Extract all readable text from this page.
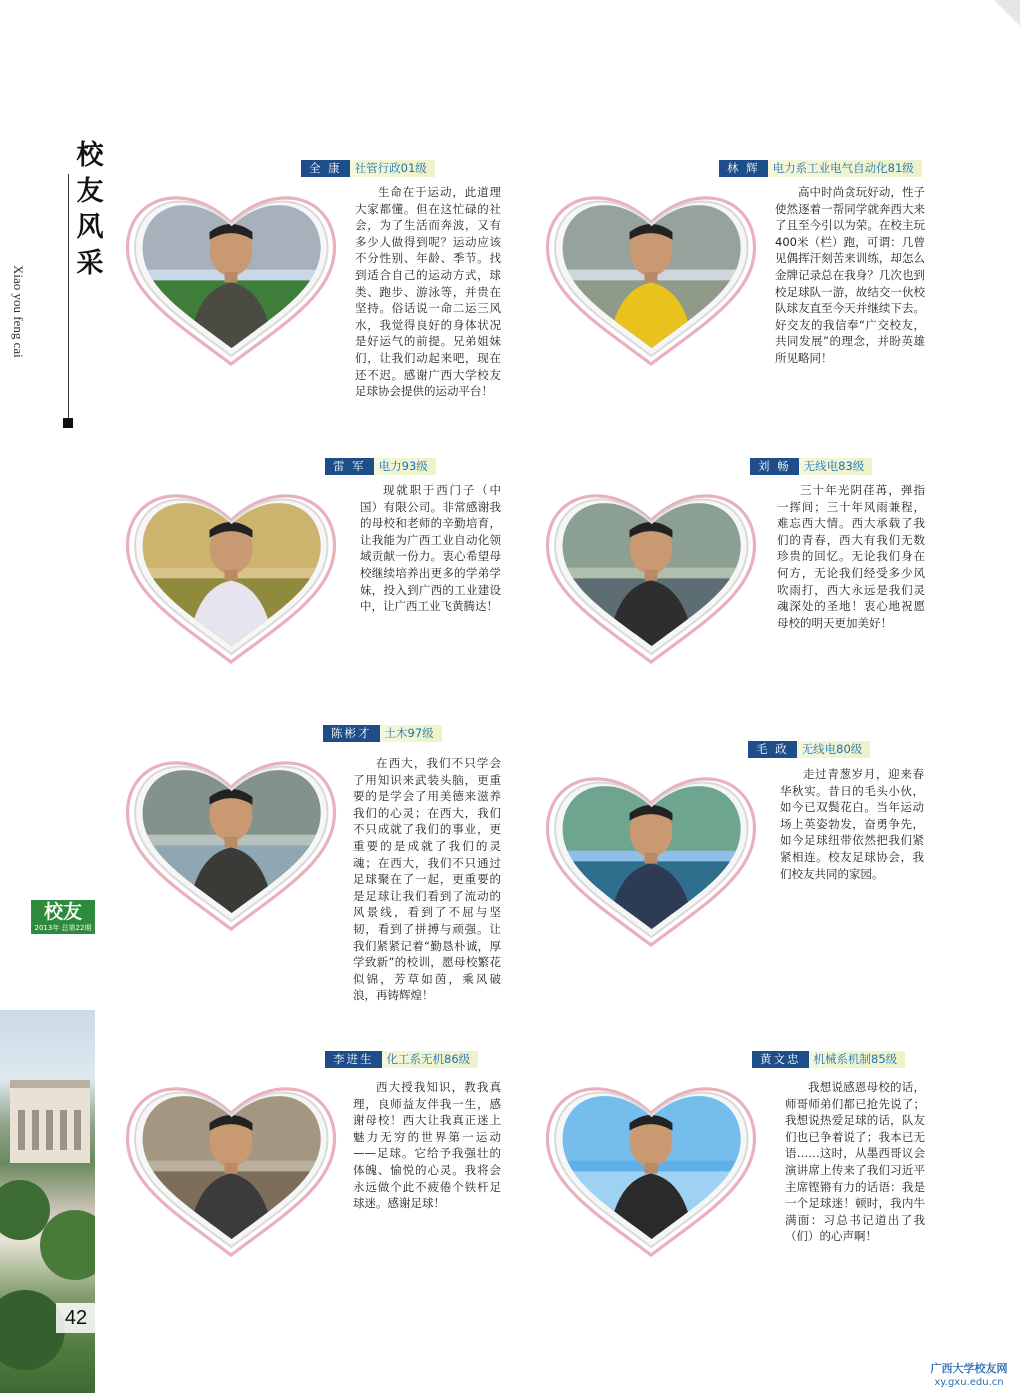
校
友
风
采
Xiao you feng cai
校友
2013年 总第22期
42
全 康	社管行政01级
生命在于运动，此道理大家都懂。但在这忙碌的社会，为了生活而奔波，又有多少人做得到呢？运动应该不分性别、年龄、季节。找到适合自己的运动方式，球类、跑步、游泳等，并贵在坚持。俗话说一命二运三风水，我觉得良好的身体状况是好运气的前提。兄弟姐妹们，让我们动起来吧，现在还不迟。感谢广西大学校友足球协会提供的运动平台！
林 辉	电力系工业电气自动化81级
高中时尚贪玩好动，性子使然逐着一帮同学就奔西大来了且至今引以为荣。在校主玩400米（栏）跑，可谓：几曾见偶挥汗刻苦来训练，却怎么金牌记录总在我身？几次也到校足球队一游，故结交一伙校队球友直至今天并继续下去。好交友的我信奉“广交校友，共同发展”的理念，并盼英雄所见略同！
雷 军	电力93级
现就职于西门子（中国）有限公司。非常感谢我的母校和老师的辛勤培育，让我能为广西工业自动化领域贡献一份力。衷心希望母校继续培养出更多的学弟学妹，投入到广西的工业建设中，让广西工业飞黄腾达！
刘 畅	无线电83级
三十年光阴荏苒，弹指一挥间；三十年风雨兼程，难忘西大情。西大承载了我们的青春，西大有我们无数珍贵的回忆。无论我们身在何方，无论我们经受多少风吹雨打，西大永远是我们灵魂深处的圣地！衷心地祝愿母校的明天更加美好！
陈彬才	土木97级
在西大，我们不只学会了用知识来武装头脑，更重要的是学会了用美德来滋养我们的心灵；在西大，我们不只成就了我们的事业，更重要的是成就了我们的灵魂；在西大，我们不只通过足球聚在了一起，更重要的是足球让我们看到了流动的风景线，看到了不屈与坚韧，看到了拼搏与顽强。让我们紧紧记着“勤恳朴诚，厚学致新”的校训，愿母校繁花似锦，芳草如茵，乘风破浪，再铸辉煌！
毛 政	无线电80级
走过青葱岁月，迎来春华秋实。昔日的毛头小伙，如今已双鬓花白。当年运动场上英姿勃发，奋勇争先，如今足球纽带依然把我们紧紧相连。校友足球协会，我们校友共同的家园。
李进生	化工系无机86级
西大授我知识，教我真理，良师益友伴我一生，感谢母校！西大让我真正迷上魅力无穷的世界第一运动——足球。它给予我强壮的体魄、愉悦的心灵。我将会永远做个此不疲倦个铁杆足球迷。感谢足球！
黄文忠	机械系机制85级
我想说感恩母校的话，师哥师弟们都已抢先说了；我想说热爱足球的话，队友们也已争着说了；我本已无语……这时，从墨西哥议会演讲席上传来了我们习近平主席铿锵有力的话语：我是一个足球迷！顿时，我内牛满面：习总书记道出了我（们）的心声啊！
广西大学校友网
xy.gxu.edu.cn
